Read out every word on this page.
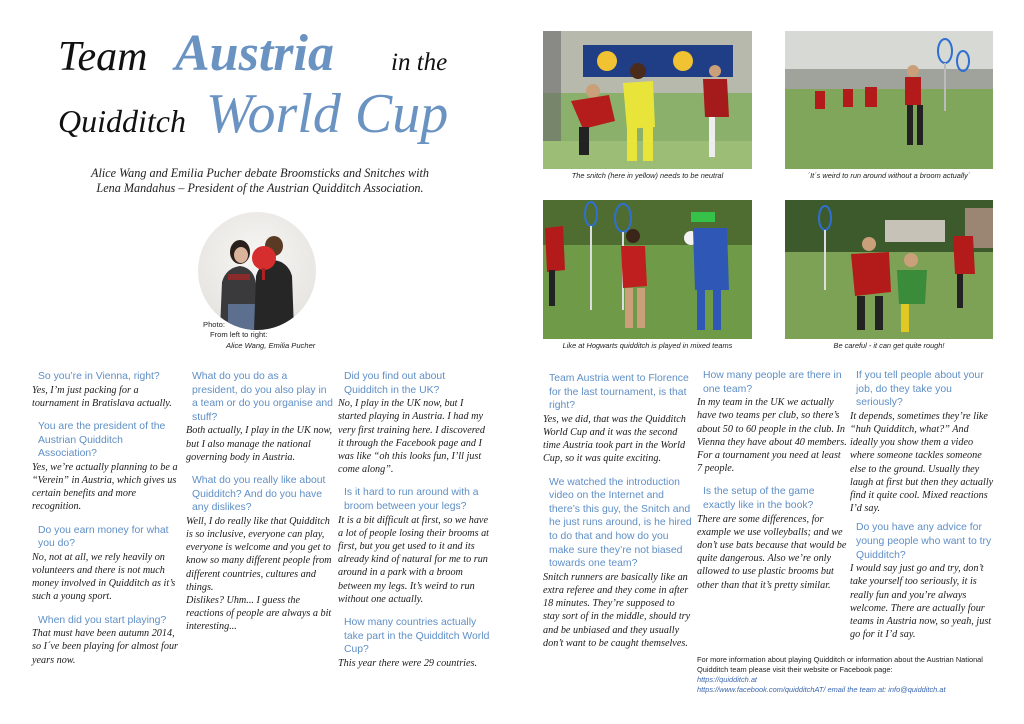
Team Austria in the
Quidditch World Cup
Alice Wang and Emilia Pucher debate Broomsticks and Snitches with
Lena Mandahus – President of the Austrian Quidditch Association.
Photo:
From left to right:
Alice Wang, Emilia Pucher
The snitch (here in yellow) needs to be neutral	´It´s weird to run around without a broom actually´
Like at Hogwarts quidditch is played in mixed teams	Be careful - it can get quite rough!
So you’re in Vienna, right?
Yes, I’m just packing for a tournament in Bratislava actually.
You are the president of the Austrian Quidditch Association?
Yes, we’re actually planning to be a “Verein” in Austria, which gives us certain benefits and more recognition.
Do you earn money for what you do?
No, not at all, we rely heavily on volunteers and there is not much money involved in Quidditch as it’s such a young sport.
When did you start playing?
That must have been autumn 2014, so I´ve been playing for almost four years now.
What do you do as a president, do you also play in a team or do you organise and stuff?
Both actually, I play in the UK now, but I also manage the national governing body in Austria.
What do you really like about Quidditch? And do you have any dislikes?
Well, I do really like that Quidditch is so inclusive, everyone can play, everyone is welcome and you get to know so many different people from different countries, cultures and things.
Dislikes? Uhm... I guess the reactions of people are always a bit interesting...
Did you find out about Quidditch in the UK?
No, I play in the UK now, but I started playing in Austria. I had my very first training here. I discovered it through the Facebook page and I was like “oh this looks fun, I’ll just come along”.
Is it hard to run around with a broom between your legs?
It is a bit difficult at first, so we have a lot of people losing their brooms at first, but you get used to it and its already kind of natural for me to run around in a park with a broom between my legs. It’s weird to run without one actually.
How many countries actually take part in the Quidditch World Cup?
This year there were 29 countries.
Team Austria went to Florence for the last tournament, is that right?
Yes, we did, that was the Quidditch World Cup and it was the second time Austria took part in the World Cup, so it was quite exciting.
We watched the introduction video on the Internet and there’s this guy, the Snitch and he just runs around, is he hired to do that and how do you make sure they’re not biased towards one team?
Snitch runners are basically like an extra referee and they come in after 18 minutes. They’re supposed to stay sort of in the middle, should try and be unbiased and they usually don’t want to be caught themselves.
How many people are there in one team?
In my team in the UK we actually have two teams per club, so there’s about 50 to 60 people in the club. In Vienna they have about 40 members. For a tournament you need at least 7 people.
Is the setup of the game exactly like in the book?
There are some differences, for example we use volleyballs; and we don’t use bats because that would be quite dangerous. Also we’re only allowed to use plastic brooms but other than that it’s pretty similar.
If you tell people about your job, do they take you seriously?
It depends, sometimes they’re like “huh Quidditch, what?” And ideally you show them a video where someone tackles someone else to the ground. Usually they laugh at first but then they actually find it quite cool. Mixed reactions I’d say.
Do you have any advice for young people who want to try Quidditch?
I would say just go and try, don’t take yourself too seriously, it is really fun and you’re always welcome. There are actually four teams in Austria now, so yeah, just go for it I’d say.
For more information about playing Quidditch or information about the Austrian National Quidditch team please visit their website or Facebook page:
https://quidditch.at
https://www.facebook.com/quidditchAT/ email the team at: info@quidditch.at
